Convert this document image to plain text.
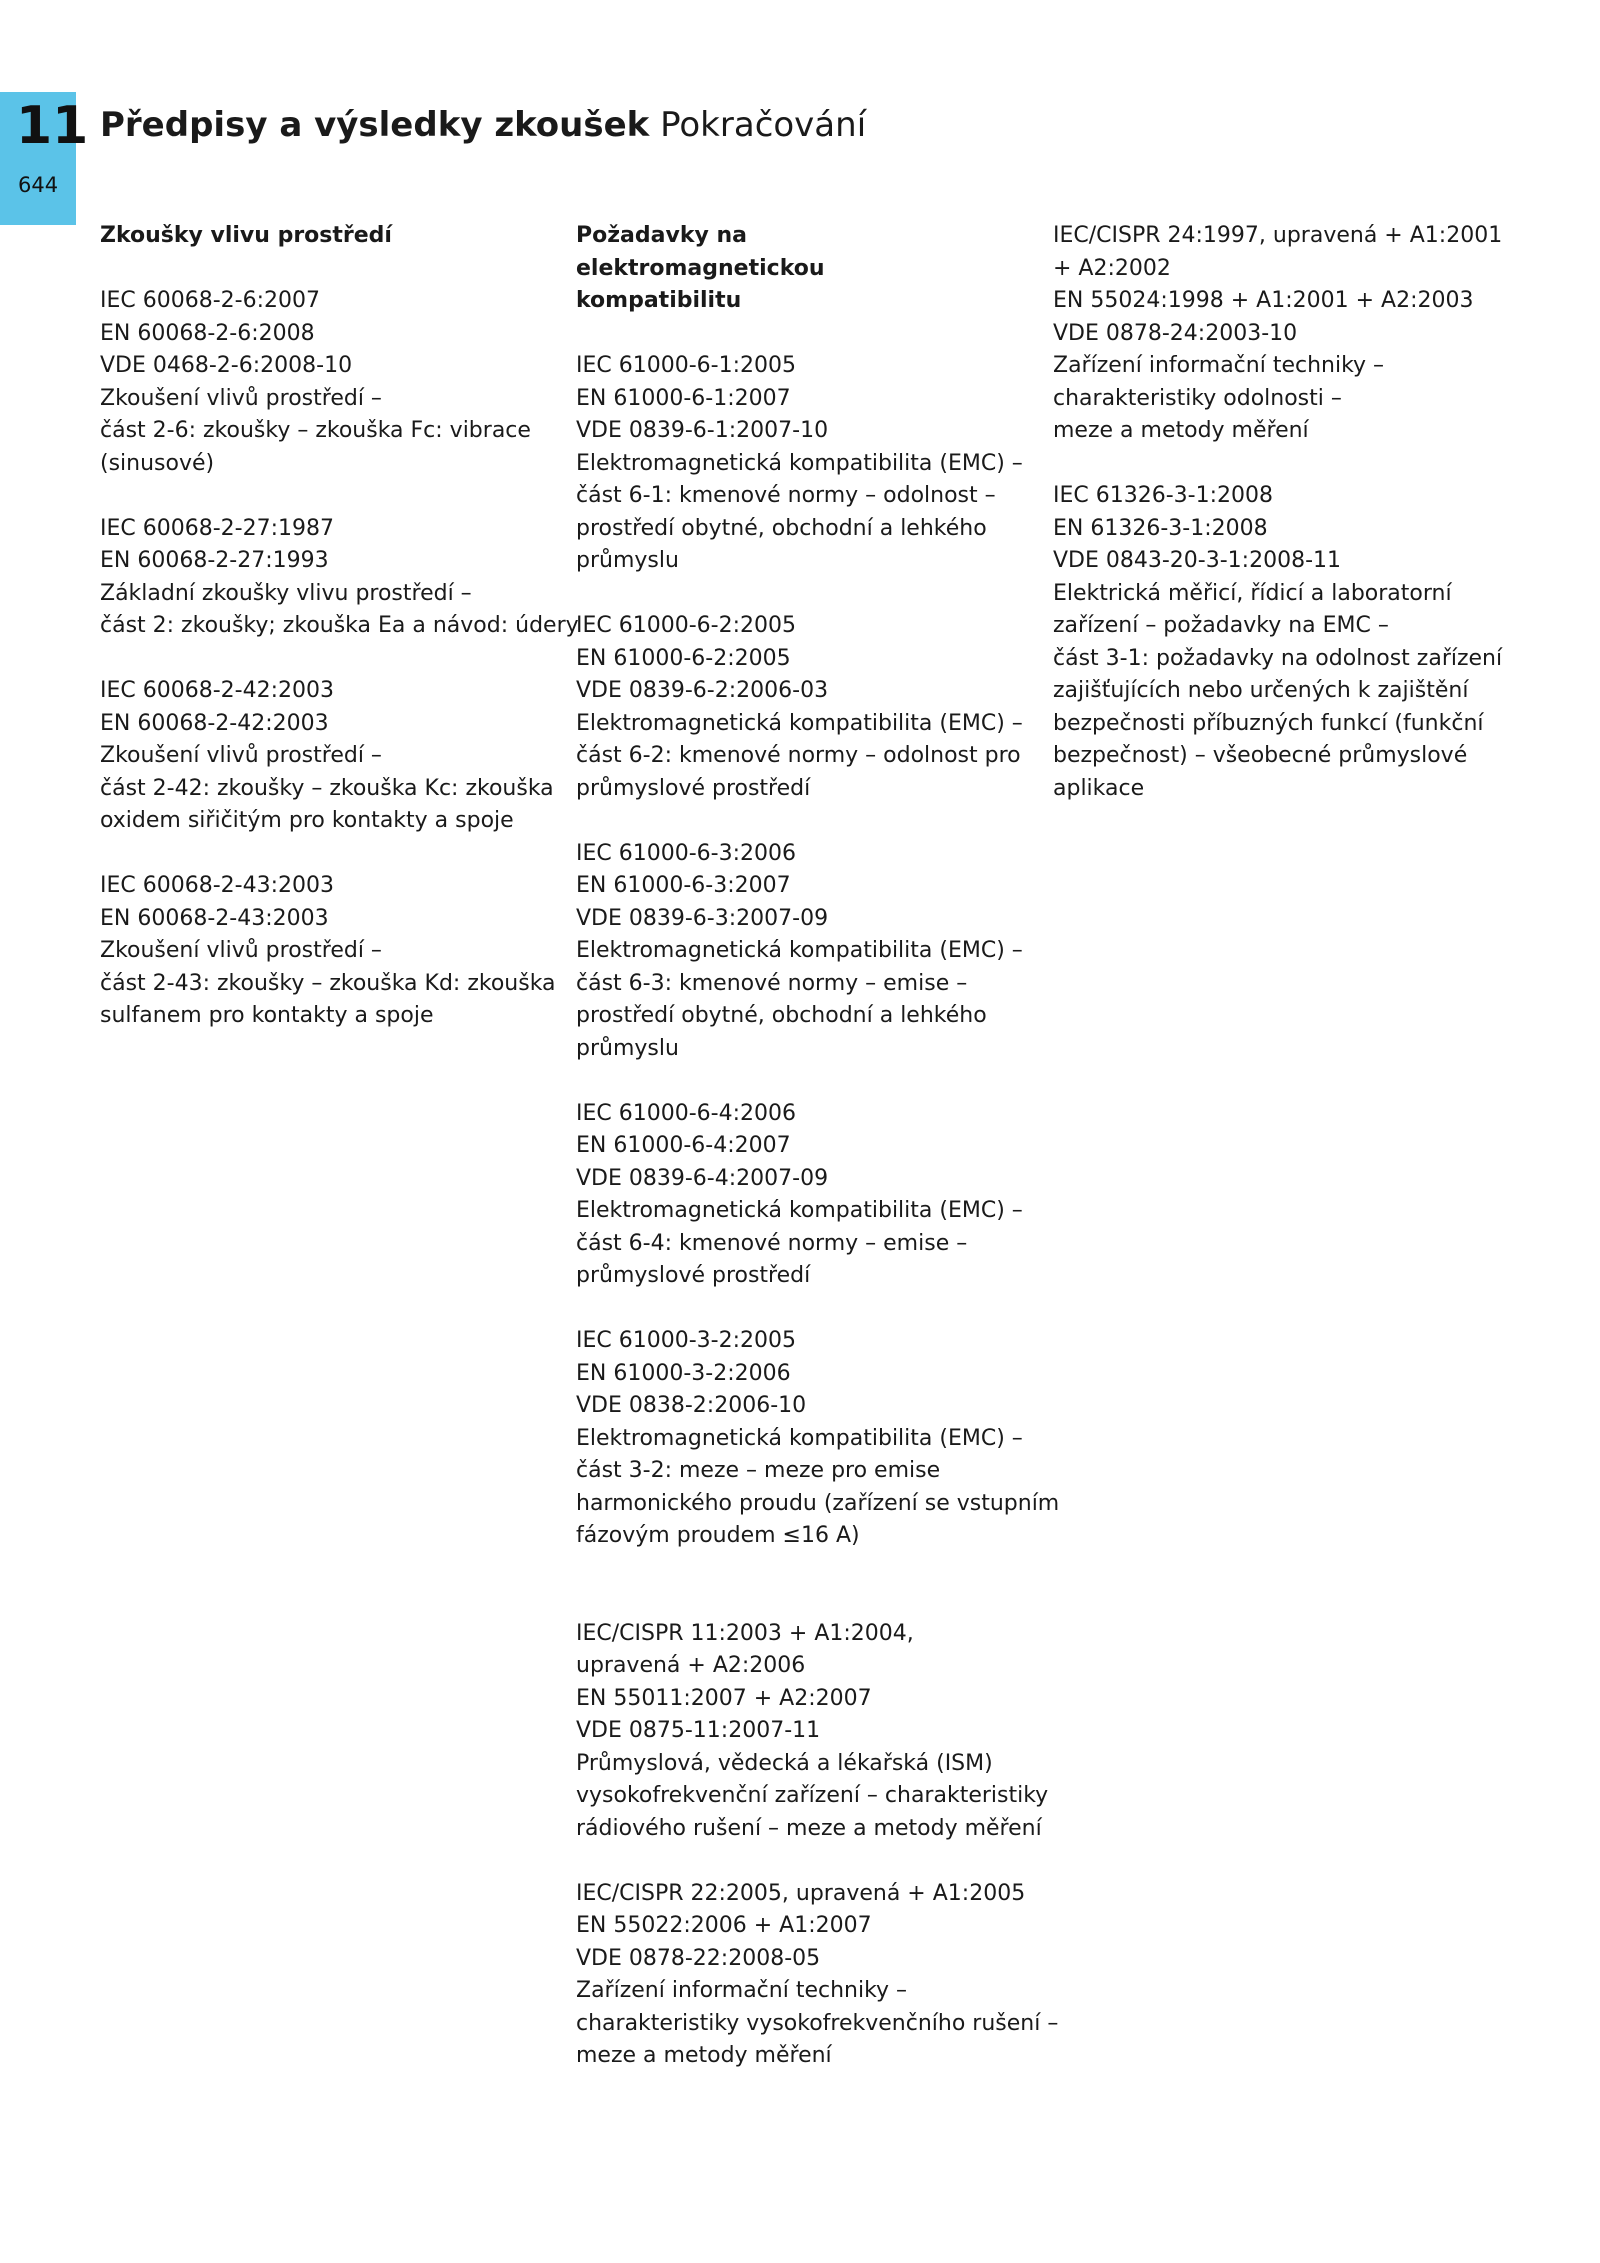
11
644
Předpisy a výsledky zkoušek Pokračování
Zkoušky vlivu prostředí
IEC 60068-2-6:2007
EN 60068-2-6:2008
VDE 0468-2-6:2008-10
Zkoušení vlivů prostředí –
část 2-6: zkoušky – zkouška Fc: vibrace
(sinusové)
IEC 60068-2-27:1987
EN 60068-2-27:1993
Základní zkoušky vlivu prostředí –
část 2: zkoušky; zkouška Ea a návod: údery
IEC 60068-2-42:2003
EN 60068-2-42:2003
Zkoušení vlivů prostředí –
část 2-42: zkoušky – zkouška Kc: zkouška
oxidem siřičitým pro kontakty a spoje
IEC 60068-2-43:2003
EN 60068-2-43:2003
Zkoušení vlivů prostředí –
část 2-43: zkoušky – zkouška Kd: zkouška
sulfanem pro kontakty a spoje
Požadavky na elektromagnetickou kompatibilitu
IEC 61000-6-1:2005
EN 61000-6-1:2007
VDE 0839-6-1:2007-10
Elektromagnetická kompatibilita (EMC) –
část 6-1: kmenové normy – odolnost –
prostředí obytné, obchodní a lehkého
průmyslu
IEC 61000-6-2:2005
EN 61000-6-2:2005
VDE 0839-6-2:2006-03
Elektromagnetická kompatibilita (EMC) –
část 6-2: kmenové normy – odolnost pro
průmyslové prostředí
IEC 61000-6-3:2006
EN 61000-6-3:2007
VDE 0839-6-3:2007-09
Elektromagnetická kompatibilita (EMC) –
část 6-3: kmenové normy – emise –
prostředí obytné, obchodní a lehkého
průmyslu
IEC 61000-6-4:2006
EN 61000-6-4:2007
VDE 0839-6-4:2007-09
Elektromagnetická kompatibilita (EMC) –
část 6-4: kmenové normy – emise –
průmyslové prostředí
IEC 61000-3-2:2005
EN 61000-3-2:2006
VDE 0838-2:2006-10
Elektromagnetická kompatibilita (EMC) –
část 3-2: meze – meze pro emise
harmonického proudu (zařízení se vstupním
fázovým proudem ≤16 A)
IEC/CISPR 11:2003 + A1:2004,
upravená + A2:2006
EN 55011:2007 + A2:2007
VDE 0875-11:2007-11
Průmyslová, vědecká a lékařská (ISM)
vysokofrekvenční zařízení – charakteristiky
rádiového rušení – meze a metody měření
IEC/CISPR 22:2005, upravená + A1:2005
EN 55022:2006 + A1:2007
VDE 0878-22:2008-05
Zařízení informační techniky –
charakteristiky vysokofrekvenčního rušení –
meze a metody měření
IEC/CISPR 24:1997, upravená + A1:2001
+ A2:2002
EN 55024:1998 + A1:2001 + A2:2003
VDE 0878-24:2003-10
Zařízení informační techniky –
charakteristiky odolnosti –
meze a metody měření
IEC 61326-3-1:2008
EN 61326-3-1:2008
VDE 0843-20-3-1:2008-11
Elektrická měřicí, řídicí a laboratorní
zařízení – požadavky na EMC –
část 3-1: požadavky na odolnost zařízení
zajišťujících nebo určených k zajištění
bezpečnosti příbuzných funkcí (funkční
bezpečnost) – všeobecné průmyslové
aplikace
